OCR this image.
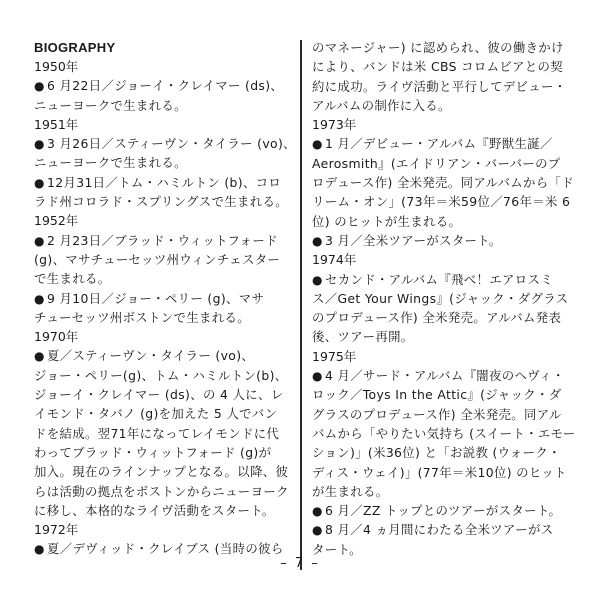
BIOGRAPHY
1950年
● 6 月22日／ジョーイ・クレイマー (ds)、
ニューヨークで生まれる。
1951年
● 3 月26日／スティーヴン・タイラー (vo)、
ニューヨークで生まれる。
● 12月31日／トム・ハミルトン (b)、コロ
ラド州コロラド・スプリングスで生まれる。
1952年
● 2 月23日／ブラッド・ウィットフォード
(g)、マサチューセッツ州ウィンチェスター
で生まれる。
● 9 月10日／ジョー・ペリー (g)、マサ
チューセッツ州ボストンで生まれる。
1970年
● 夏／スティーヴン・タイラー (vo)、
ジョー・ペリー(g)、トム・ハミルトン(b)、
ジョーイ・クレイマー (ds)、の 4 人に、レ
イモンド・タバノ (g)を加えた 5 人でバン
ドを結成。翌71年になってレイモンドに代
わってブラッド・ウィットフォード (g)が
加入。現在のラインナップとなる。以降、彼
らは活動の拠点をボストンからニューヨーク
に移し、本格的なライヴ活動をスタート。
1972年
● 夏／デヴィッド・クレイブス (当時の彼ら
のマネージャー) に認められ、彼の働きかけ
により、バンドは米 CBS コロムビアとの契
約に成功。ライヴ活動と平行してデビュー・
アルバムの制作に入る。
1973年
● 1 月／デビュー・アルバム『野獣生誕／
Aerosmith』(エイドリアン・バーバーのプ
ロデュース作) 全米発売。同アルバムから「ド
リーム・オン」(73年＝米59位／76年＝米 6
位) のヒットが生まれる。
● 3 月／全米ツアーがスタート。
1974年
● セカンド・アルバム『飛べ！エアロスミ
ス／Get Your Wings』(ジャック・ダグラス
のプロデュース作) 全米発売。アルバム発表
後、ツアー再開。
1975年
● 4 月／サード・アルバム『闇夜のヘヴィ・
ロック／Toys In the Attic』(ジャック・ダ
グラスのプロデュース作) 全米発売。同アル
バムから「やりたい気持ち (スイート・エモー
ション)」(米36位) と「お説教 (ウォーク・
ディス・ウェイ)」(77年＝米10位) のヒット
が生まれる。
● 6 月／ZZ トップとのツアーがスタート。
● 8 月／4 ヵ月間にわたる全米ツアーがス
タート。
– 7 –
